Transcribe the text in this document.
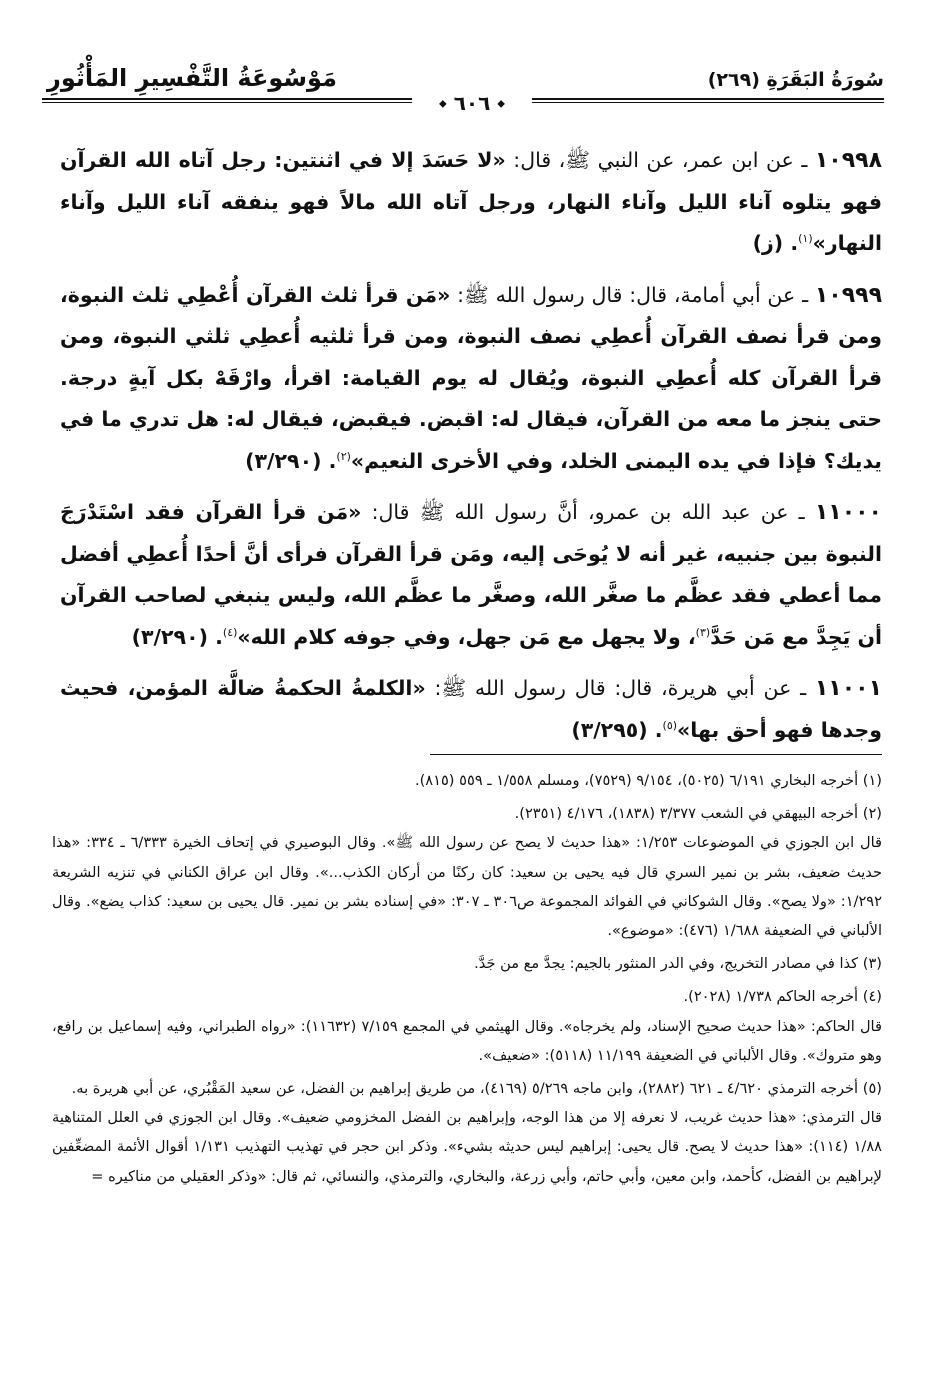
مَوْسُوعَةُ التَّفْسِيرِ المَأْثُورِ	سُورَةُ البَقَرَةِ (٢٦٩)
◆ ٦٠٦ ◆

١٠٩٩٨ ـ عن ابن عمر، عن النبي ﷺ، قال: «لا حَسَدَ إلا في اثنتين: رجل آتاه الله القرآن فهو يتلوه آناء الليل وآناء النهار، ورجل آتاه الله مالاً فهو ينفقه آناء الليل وآناء النهار»$^{(١)}$. (ز)

١٠٩٩٩ ـ عن أبي أمامة، قال: قال رسول الله ﷺ: «مَن قرأ ثلث القرآن أُعْطِي ثلث النبوة، ومن قرأ نصف القرآن أُعطِي نصف النبوة، ومن قرأ ثلثيه أُعطِي ثلثي النبوة، ومن قرأ القرآن كله أُعطِي النبوة، ويُقال له يوم القيامة: اقرأ، وارْقَهْ بكل آيةٍ درجة. حتى ينجز ما معه من القرآن، فيقال له: اقبض. فيقبض، فيقال له: هل تدري ما في يديك؟ فإذا في يده اليمنى الخلد، وفي الأخرى النعيم»$^{(٢)}$. (٣/٢٩٠)

١١٠٠٠ ـ عن عبد الله بن عمرو، أنَّ رسول الله ﷺ قال: «مَن قرأ القرآن فقد اسْتَدْرَجَ النبوة بين جنبيه، غير أنه لا يُوحَى إليه، ومَن قرأ القرآن فرأى أنَّ أحدًا أُعطِي أفضل مما أعطي فقد عظَّم ما صغَّر الله، وصغَّر ما عظَّم الله، وليس ينبغي لصاحب القرآن أن يَجِدَّ مع مَن حَدَّ$^{(٣)}$، ولا يجهل مع مَن جهل، وفي جوفه كلام الله»$^{(٤)}$. (٣/٢٩٠)

١١٠٠١ ـ عن أبي هريرة، قال: قال رسول الله ﷺ: «الكلمةُ الحكمةُ ضالَّة المؤمن، فحيث وجدها فهو أحق بها»$^{(٥)}$. (٣/٢٩٥)

(١) أخرجه البخاري ٦/١٩١ (٥٠٢٥)، ٩/١٥٤ (٧٥٢٩)، ومسلم ١/٥٥٨ ـ ٥٥٩ (٨١٥).
(٢) أخرجه البيهقي في الشعب ٣/٣٧٧ (١٨٣٨)، ٤/١٧٦ (٢٣٥١).
قال ابن الجوزي في الموضوعات ١/٢٥٣: «هذا حديث لا يصح عن رسول الله ﷺ». وقال البوصيري في إتحاف الخيرة ٦/٣٣٣ ـ ٣٣٤: «هذا حديث ضعيف، بشر بن نمير السري قال فيه يحيى بن سعيد: كان ركنًا من أركان الكذب...». وقال ابن عراق الكناني في تنزيه الشريعة ١/٢٩٢: «ولا يصح». وقال الشوكاني في الفوائد المجموعة ص٣٠٦ ـ ٣٠٧: «في إسناده بشر بن نمير. قال يحيى بن سعيد: كذاب يضع». وقال الألباني في الضعيفة ١/٦٨٨ (٤٧٦): «موضوع».
(٣) كذا في مصادر التخريج، وفي الدر المنثور بالجيم: يجدَّ مع من جَدَّ.
(٤) أخرجه الحاكم ١/٧٣٨ (٢٠٢٨).
قال الحاكم: «هذا حديث صحيح الإسناد، ولم يخرجاه». وقال الهيثمي في المجمع ٧/١٥٩ (١١٦٣٢): «رواه الطبراني، وفيه إسماعيل بن رافع، وهو متروك». وقال الألباني في الضعيفة ١١/١٩٩ (٥١١٨): «ضعيف».
(٥) أخرجه الترمذي ٤/٦٢٠ ـ ٦٢١ (٢٨٨٢)، وابن ماجه ٥/٢٦٩ (٤١٦٩)، من طريق إبراهيم بن الفضل، عن سعيد المَقْبُري، عن أبي هريرة به.
قال الترمذي: «هذا حديث غريب، لا نعرفه إلا من هذا الوجه، وإبراهيم بن الفضل المخزومي ضعيف». وقال ابن الجوزي في العلل المتناهية ١/٨٨ (١١٤): «هذا حديث لا يصح. قال يحيى: إبراهيم ليس حديثه بشيء». وذكر ابن حجر في تهذيب التهذيب ١/١٣١ أقوال الأئمة المضعِّفين لإبراهيم بن الفضل، كأحمد، وابن معين، وأبي حاتم، وأبي زرعة، والبخاري، والترمذي، والنسائي، ثم قال: «وذكر العقيلي من مناكيره =
